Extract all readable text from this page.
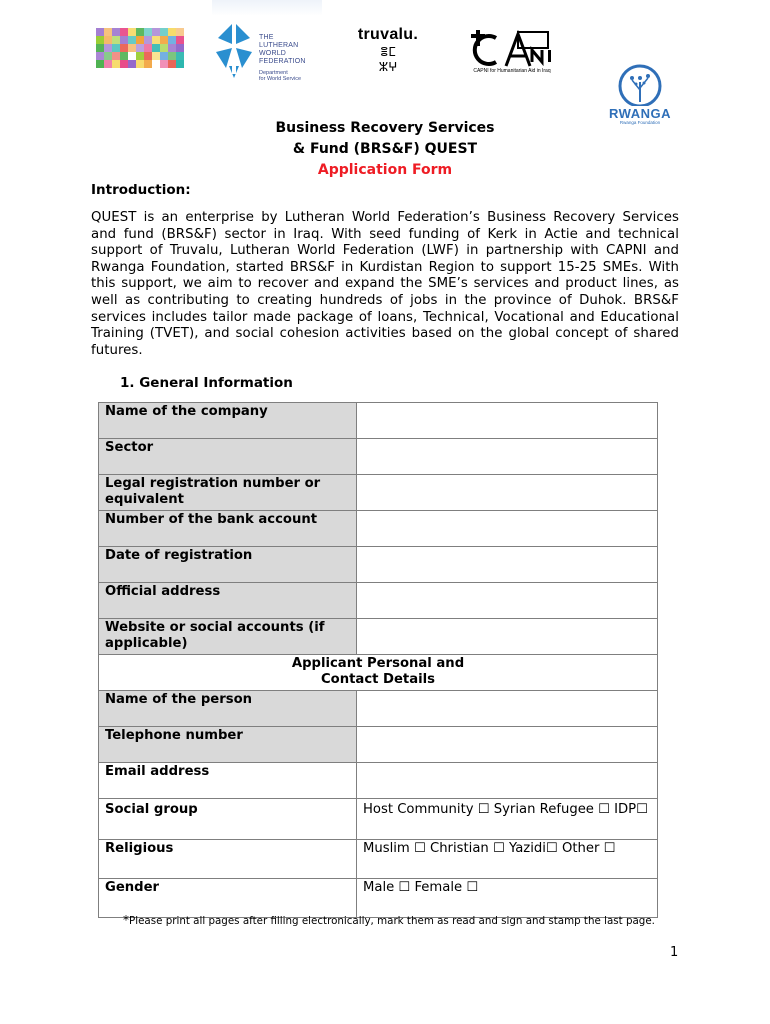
THE
LUTHERAN
WORLD
FEDERATION
Department
for World Service
truvalu.
ⴻⵎ
ⵣⵖ	CAPNI for Humanitarian Aid in Iraq
RWANGA
Rwanga Foundation
Business Recovery Services
& Fund (BRS&F) QUEST
Application Form
Introduction:
QUEST is an enterprise by Lutheran World Federation’s Business Recovery Services and fund (BRS&F) sector in Iraq. With seed funding of Kerk in Actie and technical support of Truvalu, Lutheran World Federation (LWF) in partnership with CAPNI and Rwanga Foundation, started BRS&F in Kurdistan Region to support 15-25 SMEs. With this support, we aim to recover and expand the SME’s services and product lines, as well as contributing to creating hundreds of jobs in the province of Duhok. BRS&F services includes tailor made package of loans, Technical, Vocational and Educational Training (TVET), and social cohesion activities based on the global concept of shared futures.
1. General Information
Name of the company	
Sector	
Legal registration number or equivalent	
Number of the bank account	
Date of registration	
Official address	
Website or social accounts (if applicable)	

Applicant Personal and Contact Details	

Name of the person	
Telephone number	
Email address	
Social group	Host Community ☐ Syrian Refugee ☐ IDP☐
Religious	Muslim ☐ Christian ☐ Yazidi☐ Other ☐
Gender	Male ☐ Female ☐
*Please print all pages after filling electronically, mark them as read and sign and stamp the last page.
1
